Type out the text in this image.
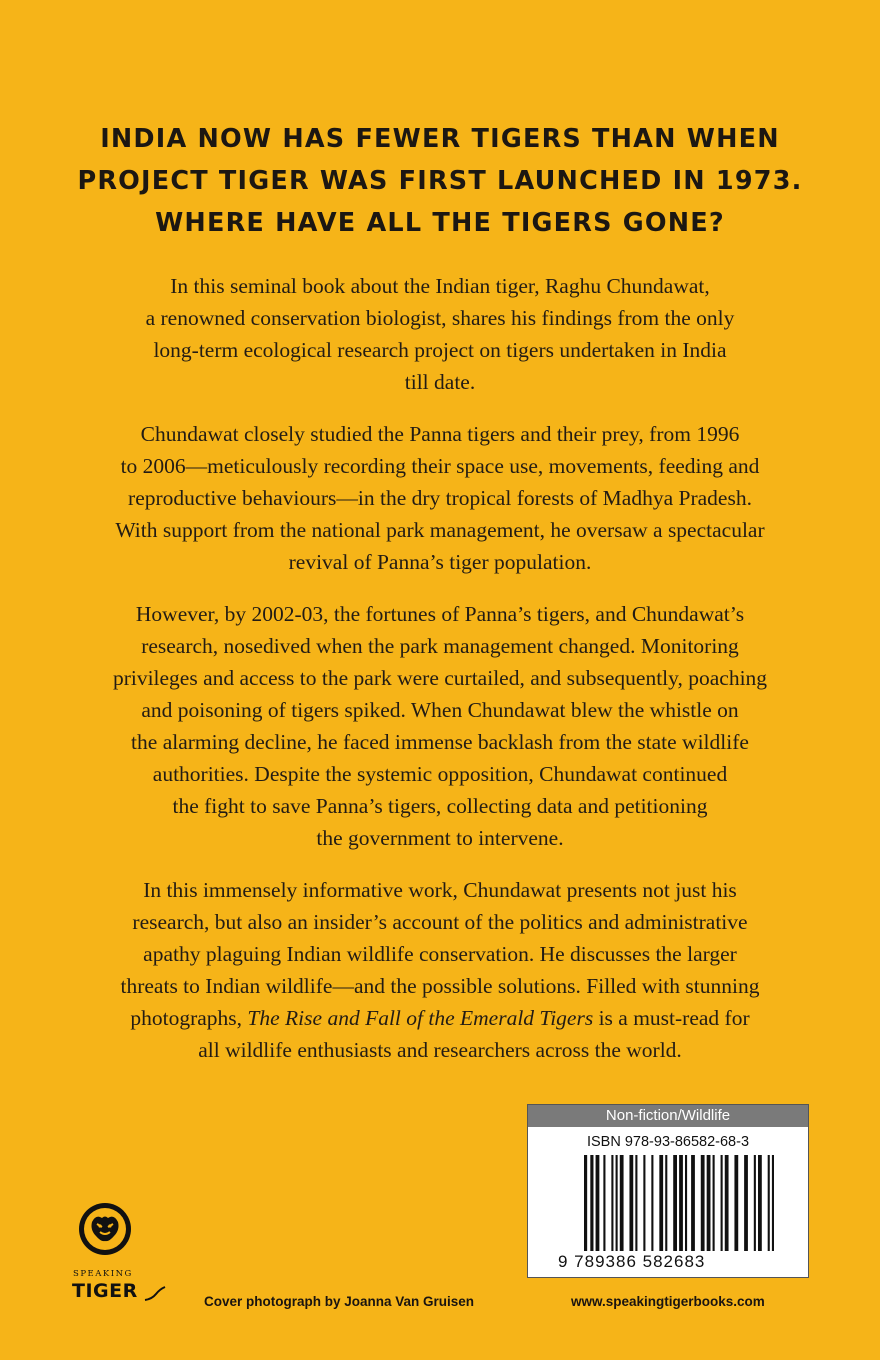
INDIA NOW HAS FEWER TIGERS THAN WHEN
PROJECT TIGER WAS FIRST LAUNCHED IN 1973.
WHERE HAVE ALL THE TIGERS GONE?

In this seminal book about the Indian tiger, Raghu Chundawat,
a renowned conservation biologist, shares his findings from the only
long-term ecological research project on tigers undertaken in India
till date.

Chundawat closely studied the Panna tigers and their prey, from 1996
to 2006—meticulously recording their space use, movements, feeding and
reproductive behaviours—in the dry tropical forests of Madhya Pradesh.
With support from the national park management, he oversaw a spectacular
revival of Panna’s tiger population.

However, by 2002-03, the fortunes of Panna’s tigers, and Chundawat’s
research, nosedived when the park management changed. Monitoring
privileges and access to the park were curtailed, and subsequently, poaching
and poisoning of tigers spiked. When Chundawat blew the whistle on
the alarming decline, he faced immense backlash from the state wildlife
authorities. Despite the systemic opposition, Chundawat continued
the fight to save Panna’s tigers, collecting data and petitioning
the government to intervene.

In this immensely informative work, Chundawat presents not just his
research, but also an insider’s account of the politics and administrative
apathy plaguing Indian wildlife conservation. He discusses the larger
threats to Indian wildlife—and the possible solutions. Filled with stunning
photographs, The Rise and Fall of the Emerald Tigers is a must-read for
all wildlife enthusiasts and researchers across the world.

Non-fiction/Wildlife
ISBN 978-93-86582-68-3
9 789386 582683
SPEAKING
TIGER	Cover photograph by Joanna Van Gruisen	www.speakingtigerbooks.com
